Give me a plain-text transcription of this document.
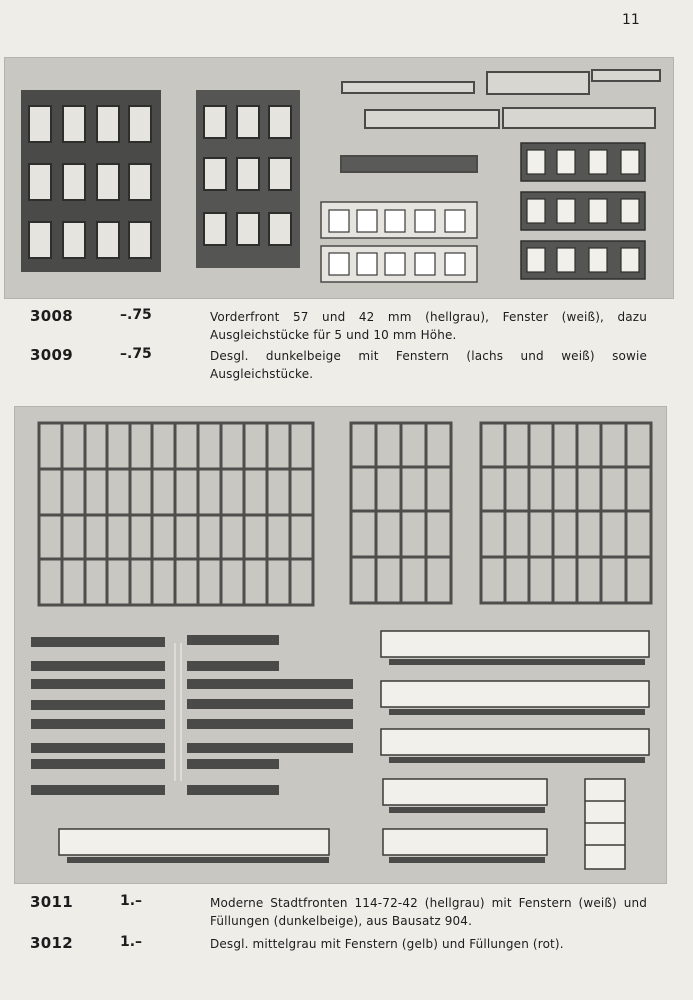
11
3008	–.75	Vorderfront 57 und 42 mm (hellgrau), Fenster (weiß), dazu Ausgleichstücke für 5 und 10 mm Höhe.
3009	–.75	Desgl. dunkelbeige mit Fenstern (lachs und weiß) sowie Ausgleichstücke.
3011	1.–	Moderne Stadtfronten 114-72-42 (hellgrau) mit Fenstern (weiß) und Füllungen (dunkelbeige), aus Bausatz 904.
3012	1.–	Desgl. mittelgrau mit Fenstern (gelb) und Füllungen (rot).
